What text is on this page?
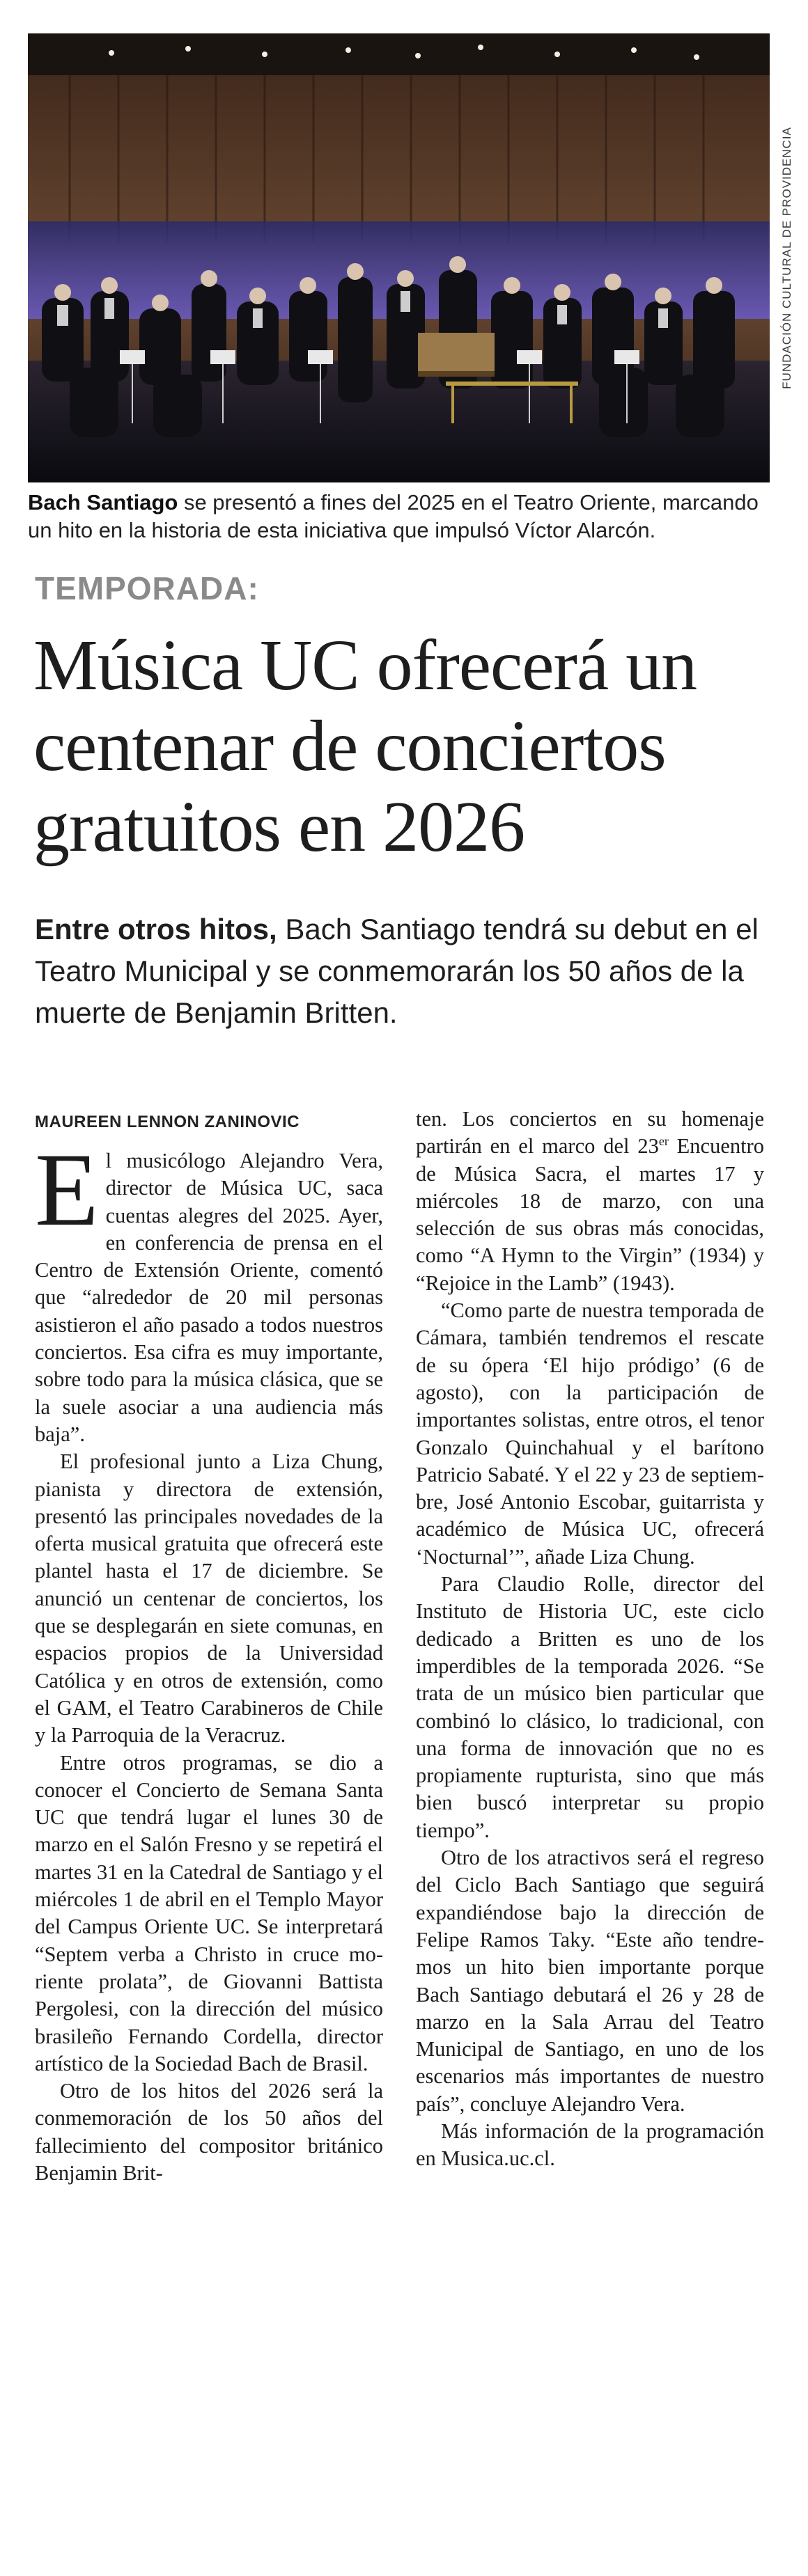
FUNDACIÓN CULTURAL DE PROVIDENCIA
Bach Santiago se presentó a fines del 2025 en el Teatro Oriente, marcando un hito en la historia de esta iniciativa que impulsó Víctor Alarcón.
TEMPORADA:
Música UC ofrecerá un centenar de conciertos gratuitos en 2026
Entre otros hitos, Bach Santiago tendrá su debut en el Teatro Municipal y se conmemorarán los 50 años de la muerte de Benjamin Britten.
MAUREEN LENNON ZANINOVIC

El musicólogo Alejandro Vera, director de Música UC, saca cuentas alegres del 2025. Ayer, en conferencia de prensa en el Centro de Extensión Oriente, comentó que “alrededor de 20 mil personas asistieron el año pasado a todos nuestros conciertos. Esa cifra es muy importante, sobre todo para la música clásica, que se la suele asociar a una audiencia más baja”.

El profesional junto a Liza Chung, pianista y directora de extensión, presentó las principales novedades de la oferta musical gratuita que ofrecerá este plantel hasta el 17 de diciembre. Se anunció un centenar de conciertos, los que se desplegarán en siete comunas, en espacios propios de la Universidad Católica y en otros de extensión, como el GAM, el Teatro Carabineros de Chile y la Parroquia de la Veracruz.

Entre otros programas, se dio a conocer el Concierto de Semana Santa UC que tendrá lugar el lunes 30 de marzo en el Salón Fresno y se repetirá el martes 31 en la Catedral de Santiago y el miércoles 1 de abril en el Templo Mayor del Campus Oriente UC. Se interpretará “Septem verba a Christo in cruce moriente prolata”, de Giovanni Battista Pergolesi, con la dirección del músico brasileño Fernando Cordella, director artístico de la Sociedad Bach de Brasil.

Otro de los hitos del 2026 será la conmemoración de los 50 años del fallecimiento del compositor británico Benjamin Brit-

ten. Los conciertos en su homenaje partirán en el marco del 23er Encuentro de Música Sacra, el martes 17 y miércoles 18 de marzo, con una selección de sus obras más conocidas, como “A Hymn to the Virgin” (1934) y “Rejoice in the Lamb” (1943).

“Como parte de nuestra temporada de Cámara, también tendremos el rescate de su ópera ‘El hijo pródigo’ (6 de agosto), con la participación de importantes solistas, entre otros, el tenor Gonzalo Quinchahual y el barítono Patricio Sabaté. Y el 22 y 23 de septiembre, José Antonio Escobar, guitarrista y académico de Música UC, ofrecerá ‘Nocturnal’”, añade Liza Chung.

Para Claudio Rolle, director del Instituto de Historia UC, este ciclo dedicado a Britten es uno de los imperdibles de la temporada 2026. “Se trata de un músico bien particular que combinó lo clásico, lo tradicional, con una forma de innovación que no es propiamente rupturista, sino que más bien buscó interpretar su propio tiempo”.

Otro de los atractivos será el regreso del Ciclo Bach Santiago que seguirá expandiéndose bajo la dirección de Felipe Ramos Taky. “Este año tendremos un hito bien importante porque Bach Santiago debutará el 26 y 28 de marzo en la Sala Arrau del Teatro Municipal de Santiago, en uno de los escenarios más importantes de nuestro país”, concluye Alejandro Vera.

Más información de la programación en Musica.uc.cl.
